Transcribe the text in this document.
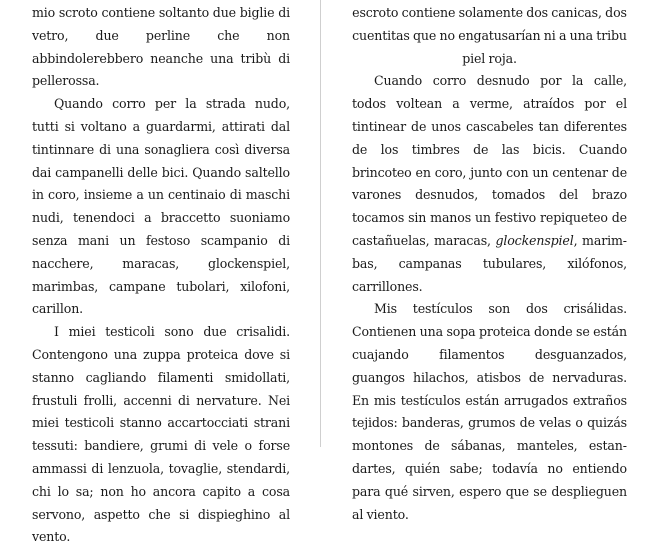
mio scroto contiene soltanto due biglie di vetro, due perline che non abbindolerebbero neanche una tribù di pellerossa.

Quando corro per la strada nudo, tutti si voltano a guardarmi, attirati dal tintinnare di una sonagliera così diversa dai campanelli delle bici. Quando saltello in coro, insieme a un centinaio di maschi nudi, tenendoci a braccetto suoniamo senza mani un festoso scampanio di nacchere, maracas, glockenspiel, marimbas, campane tubolari, xilofoni, carillon.

I miei testicoli sono due crisalidi. Contengono una zuppa proteica dove si stanno cagliando filamenti smidollati, frustuli frolli, accenni di nervature. Nei miei testicoli stanno accartocciati strani tessuti: bandiere, grumi di vele o forse ammassi di lenzuola, tovaglie, stendardi, chi lo sa; non ho ancora capito a cosa servono, aspetto che si dispieghino al vento.

escroto contiene solamente dos canicas, dos cuentitas que no engatusarían ni a una tribu piel roja.

Cuando corro desnudo por la calle, todos voltean a verme, atraídos por el tintinear de unos cascabeles tan diferentes de los timbres de las bicis. Cuando brincoteo en coro, junto con un centenar de varones desnudos, tomados del brazo tocamos sin manos un festivo repiqueteo de castañuelas, maracas, glockenspiel, marimbas, campanas tubulares, xilófonos, carrillones.

Mis testículos son dos crisálidas. Contienen una sopa proteica donde se están cuajando filamentos desguanzados, guangos hilachos, atisbos de nervaduras. En mis testículos están arrugados extraños tejidos: banderas, grumos de velas o quizás montones de sábanas, manteles, estandartes, quién sabe; todavía no entiendo para qué sirven, espero que se desplieguen al viento.
